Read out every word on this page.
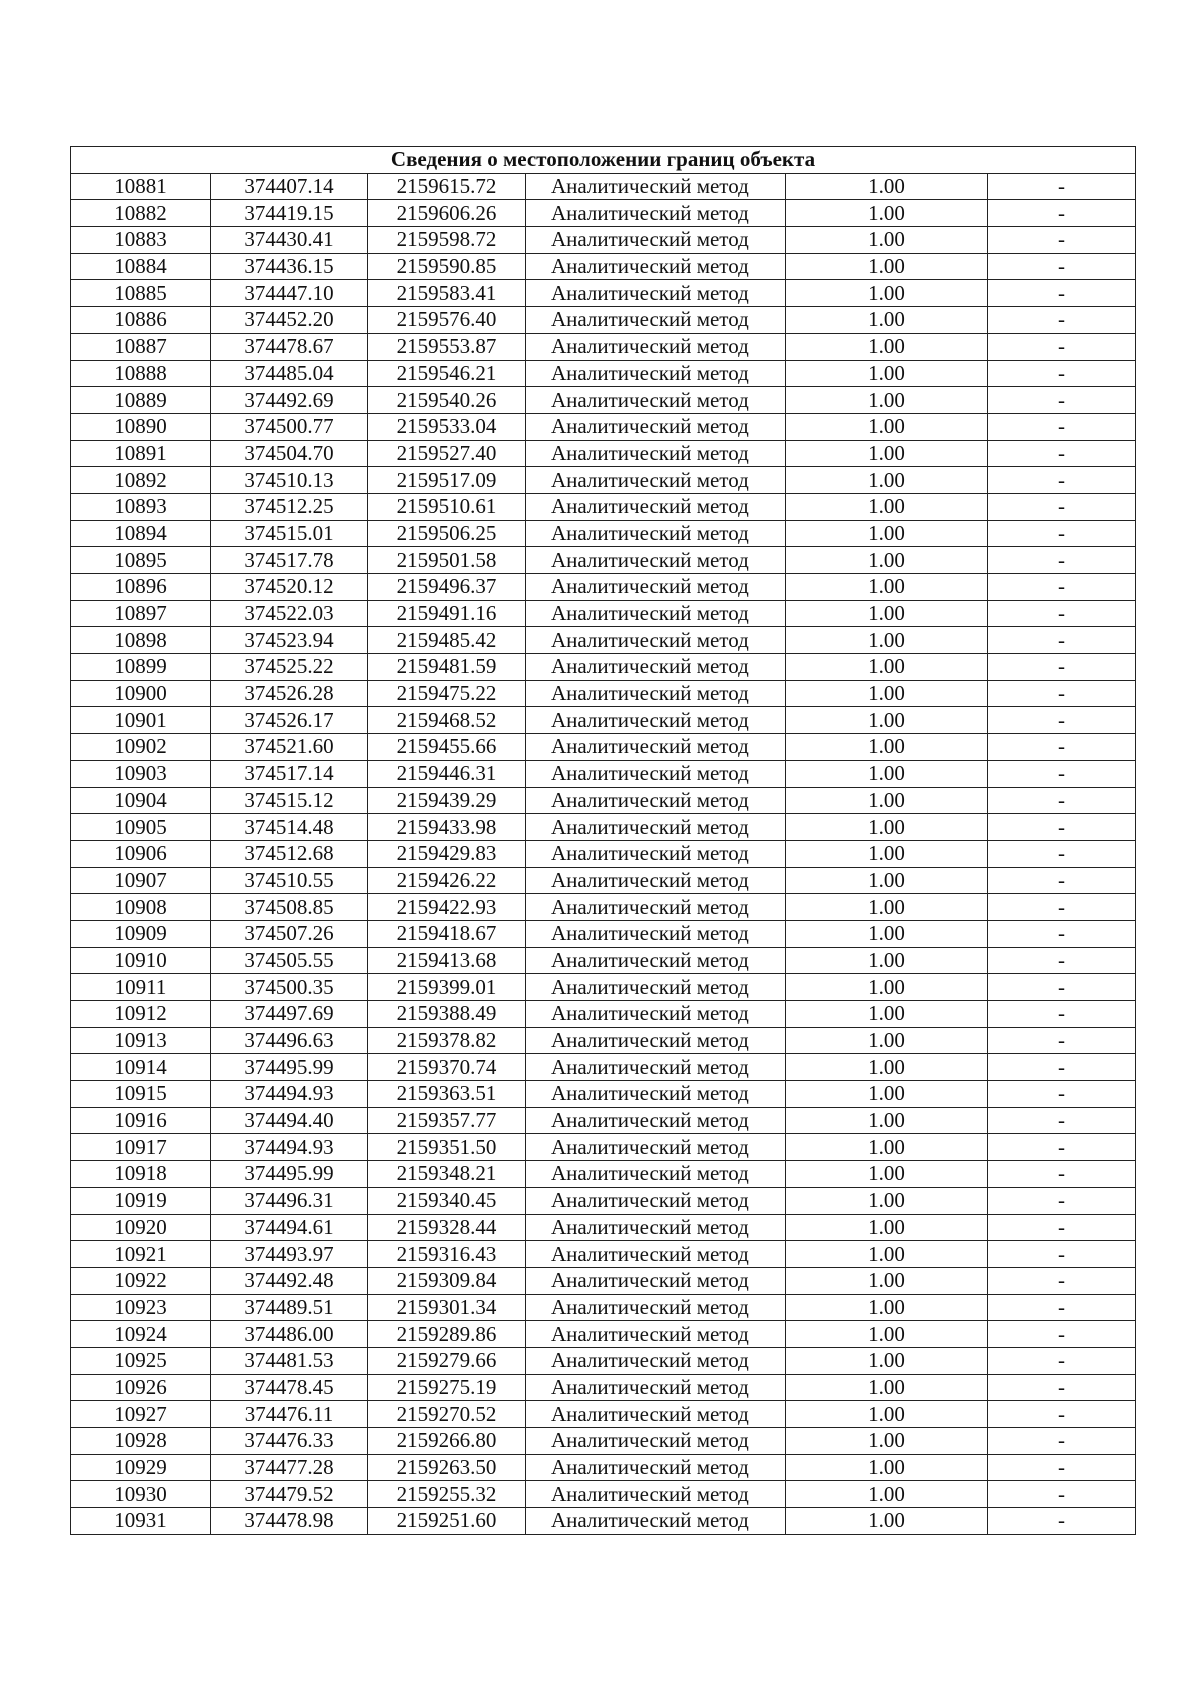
Сведения о местоположении границ объекта					
10881	374407.14	2159615.72	Аналитический метод	1.00	-
10882	374419.15	2159606.26	Аналитический метод	1.00	-
10883	374430.41	2159598.72	Аналитический метод	1.00	-
10884	374436.15	2159590.85	Аналитический метод	1.00	-
10885	374447.10	2159583.41	Аналитический метод	1.00	-
10886	374452.20	2159576.40	Аналитический метод	1.00	-
10887	374478.67	2159553.87	Аналитический метод	1.00	-
10888	374485.04	2159546.21	Аналитический метод	1.00	-
10889	374492.69	2159540.26	Аналитический метод	1.00	-
10890	374500.77	2159533.04	Аналитический метод	1.00	-
10891	374504.70	2159527.40	Аналитический метод	1.00	-
10892	374510.13	2159517.09	Аналитический метод	1.00	-
10893	374512.25	2159510.61	Аналитический метод	1.00	-
10894	374515.01	2159506.25	Аналитический метод	1.00	-
10895	374517.78	2159501.58	Аналитический метод	1.00	-
10896	374520.12	2159496.37	Аналитический метод	1.00	-
10897	374522.03	2159491.16	Аналитический метод	1.00	-
10898	374523.94	2159485.42	Аналитический метод	1.00	-
10899	374525.22	2159481.59	Аналитический метод	1.00	-
10900	374526.28	2159475.22	Аналитический метод	1.00	-
10901	374526.17	2159468.52	Аналитический метод	1.00	-
10902	374521.60	2159455.66	Аналитический метод	1.00	-
10903	374517.14	2159446.31	Аналитический метод	1.00	-
10904	374515.12	2159439.29	Аналитический метод	1.00	-
10905	374514.48	2159433.98	Аналитический метод	1.00	-
10906	374512.68	2159429.83	Аналитический метод	1.00	-
10907	374510.55	2159426.22	Аналитический метод	1.00	-
10908	374508.85	2159422.93	Аналитический метод	1.00	-
10909	374507.26	2159418.67	Аналитический метод	1.00	-
10910	374505.55	2159413.68	Аналитический метод	1.00	-
10911	374500.35	2159399.01	Аналитический метод	1.00	-
10912	374497.69	2159388.49	Аналитический метод	1.00	-
10913	374496.63	2159378.82	Аналитический метод	1.00	-
10914	374495.99	2159370.74	Аналитический метод	1.00	-
10915	374494.93	2159363.51	Аналитический метод	1.00	-
10916	374494.40	2159357.77	Аналитический метод	1.00	-
10917	374494.93	2159351.50	Аналитический метод	1.00	-
10918	374495.99	2159348.21	Аналитический метод	1.00	-
10919	374496.31	2159340.45	Аналитический метод	1.00	-
10920	374494.61	2159328.44	Аналитический метод	1.00	-
10921	374493.97	2159316.43	Аналитический метод	1.00	-
10922	374492.48	2159309.84	Аналитический метод	1.00	-
10923	374489.51	2159301.34	Аналитический метод	1.00	-
10924	374486.00	2159289.86	Аналитический метод	1.00	-
10925	374481.53	2159279.66	Аналитический метод	1.00	-
10926	374478.45	2159275.19	Аналитический метод	1.00	-
10927	374476.11	2159270.52	Аналитический метод	1.00	-
10928	374476.33	2159266.80	Аналитический метод	1.00	-
10929	374477.28	2159263.50	Аналитический метод	1.00	-
10930	374479.52	2159255.32	Аналитический метод	1.00	-
10931	374478.98	2159251.60	Аналитический метод	1.00	-
